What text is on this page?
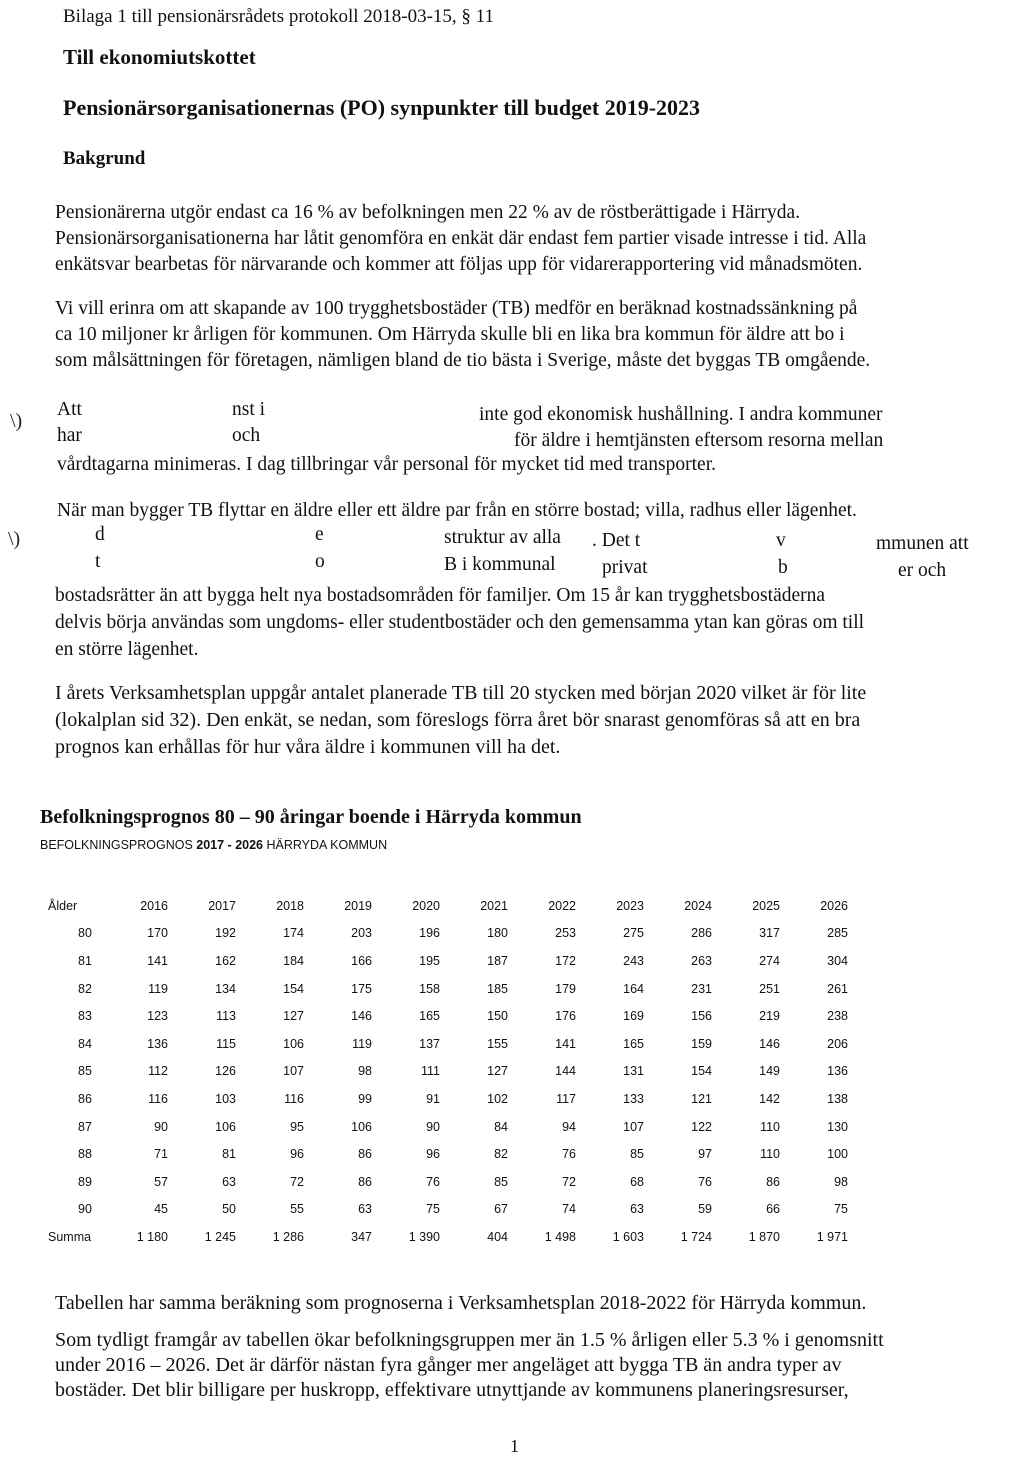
Bilaga 1 till pensionärsrådets protokoll 2018-03-15, § 11
Till ekonomiutskottet
Pensionärsorganisationernas (PO) synpunkter till budget 2019-2023
Bakgrund
Pensionärerna utgör endast ca 16 % av befolkningen men 22 % av de röstberättigade i Härryda.
Pensionärsorganisationerna har låtit genomföra en enkät där endast fem partier visade intresse i tid. Alla
enkätsvar bearbetas för närvarande och kommer att följas upp för vidarerapportering vid månadsmöten.
Vi vill erinra om att skapande av 100 trygghetsbostäder (TB) medför en beräknad kostnadssänkning på
ca 10 miljoner kr årligen för kommunen. Om Härryda skulle bli en lika bra kommun för äldre att bo i
som målsättningen för företagen, nämligen bland de tio bästa i Sverige, måste det byggas TB omgående.
Att	nst i	inte god ekonomisk hushållning. I andra kommuner
har	och	för äldre i hemtjänsten eftersom resorna mellan
vårdtagarna minimeras. I dag tillbringar vår personal för mycket tid med transporter.
\)
\)
När man bygger TB flyttar en äldre eller ett äldre par från en större bostad; villa, radhus eller lägenhet.
d	e	struktur av alla . Det t	v	mmunen att
t	o	B i kommunal privat	b	er och
bostadsrätter än att bygga helt nya bostadsområden för familjer. Om 15 år kan trygghetsbostäderna
delvis börja användas som ungdoms- eller studentbostäder och den gemensamma ytan kan göras om till
en större lägenhet.
I årets Verksamhetsplan uppgår antalet planerade TB till 20 stycken med början 2020 vilket är för lite
(lokalplan sid 32). Den enkät, se nedan, som föreslogs förra året bör snarast genomföras så att en bra
prognos kan erhållas för hur våra äldre i kommunen vill ha det.
Befolkningsprognos 80 – 90 åringar boende i Härryda kommun
BEFOLKNINGSPROGNOS 2017 - 2026 HÄRRYDA KOMMUN
Ålder	2016	2017	2018	2019	2020	2021	2022	2023	2024	2025	2026
80	170	192	174	203	196	180	253	275	286	317	285
81	141	162	184	166	195	187	172	243	263	274	304
82	119	134	154	175	158	185	179	164	231	251	261
83	123	113	127	146	165	150	176	169	156	219	238
84	136	115	106	119	137	155	141	165	159	146	206
85	112	126	107	98	111	127	144	131	154	149	136
86	116	103	116	99	91	102	117	133	121	142	138
87	90	106	95	106	90	84	94	107	122	110	130
88	71	81	96	86	96	82	76	85	97	110	100
89	57	63	72	86	76	85	72	68	76	86	98
90	45	50	55	63	75	67	74	63	59	66	75
Summa	1 180	1 245	1 286	347	1 390	404	1 498	1 603	1 724	1 870	1 971
Tabellen har samma beräkning som prognoserna i Verksamhetsplan 2018-2022 för Härryda kommun.
Som tydligt framgår av tabellen ökar befolkningsgruppen mer än 1.5 % årligen eller 5.3 % i genomsnitt
under 2016 – 2026. Det är därför nästan fyra gånger mer angeläget att bygga TB än andra typer av
bostäder. Det blir billigare per huskropp, effektivare utnyttjande av kommunens planeringsresurser,
1
